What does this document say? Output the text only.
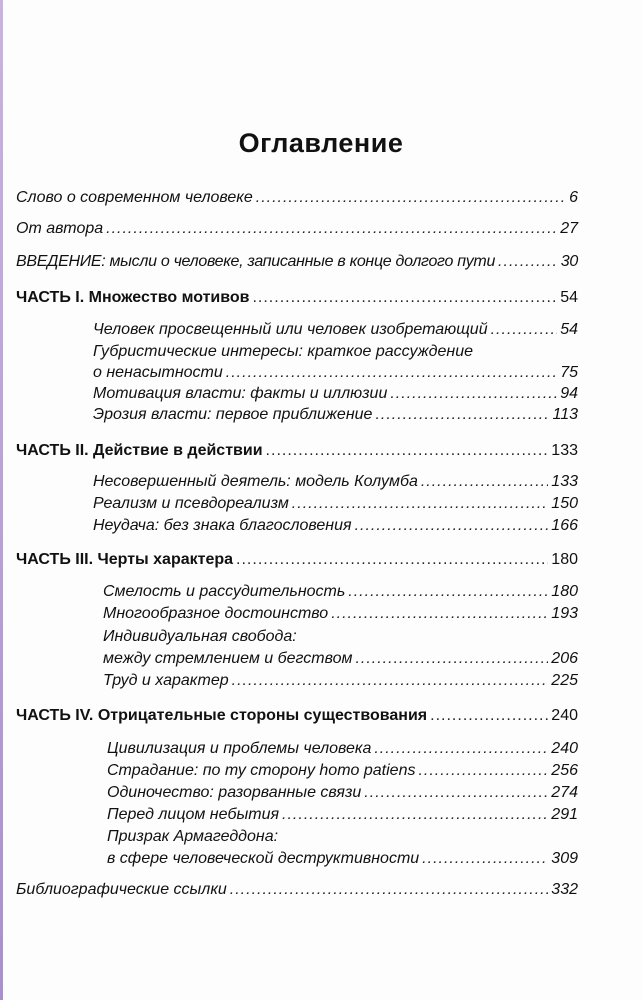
Оглавление
Слово о современном человеке .....	6
От автора .....	27
ВВЕДЕНИЕ: мысли о человеке, записанные в конце долгого пути .....	30
ЧАСТЬ I. Множество мотивов .....	54
Человек просвещенный или человек изобретающий .....	54
Губристические интересы: краткое рассуждение
о ненасытности .....	75
Мотивация власти: факты и иллюзии .....	94
Эрозия власти: первое приближение .....	113
ЧАСТЬ II. Действие в действии .....	133
Несовершенный деятель: модель Колумба .....	133
Реализм и псевдореализм .....	150
Неудача: без знака благословения .....	166
ЧАСТЬ III. Черты характера .....	180
Смелость и рассудительность .....	180
Многообразное достоинство .....	193
Индивидуальная свобода:
между стремлением и бегством .....	206
Труд и характер .....	225
ЧАСТЬ IV. Отрицательные стороны существования .....	240
Цивилизация и проблемы человека .....	240
Страдание: по ту сторону homo patiens .....	256
Одиночество: разорванные связи .....	274
Перед лицом небытия .....	291
Призрак Армагеддона:
в сфере человеческой деструктивности .....	309
Библиографические ссылки .....	332
